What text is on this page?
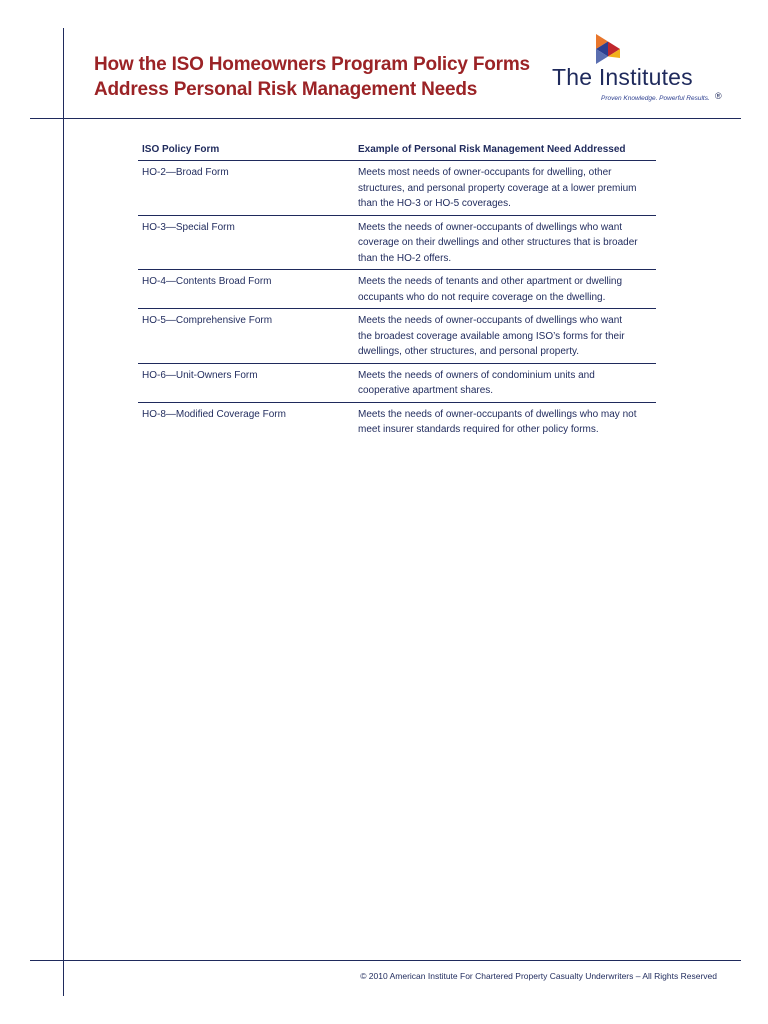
How the ISO Homeowners Program Policy Forms
Address Personal Risk Management Needs	The Institutes
Proven Knowledge. Powerful Results. ®
ISO Policy Form	Example of Personal Risk Management Need Addressed
HO-2—Broad Form	Meets most needs of owner-occupants for dwelling, other structures, and personal property coverage at a lower premium than the HO-3 or HO-5 coverages.
HO-3—Special Form	Meets the needs of owner-occupants of dwellings who want coverage on their dwellings and other structures that is broader than the HO-2 offers.
HO-4—Contents Broad Form	Meets the needs of tenants and other apartment or dwelling occupants who do not require coverage on the dwelling.
HO-5—Comprehensive Form	Meets the needs of owner-occupants of dwellings who want the broadest coverage available among ISO’s forms for their dwellings, other structures, and personal property.
HO-6—Unit-Owners Form	Meets the needs of owners of condominium units and cooperative apartment shares.
HO-8—Modified Coverage Form	Meets the needs of owner-occupants of dwellings who may not meet insurer standards required for other policy forms.
© 2010 American Institute For Chartered Property Casualty Underwriters – All Rights Reserved
